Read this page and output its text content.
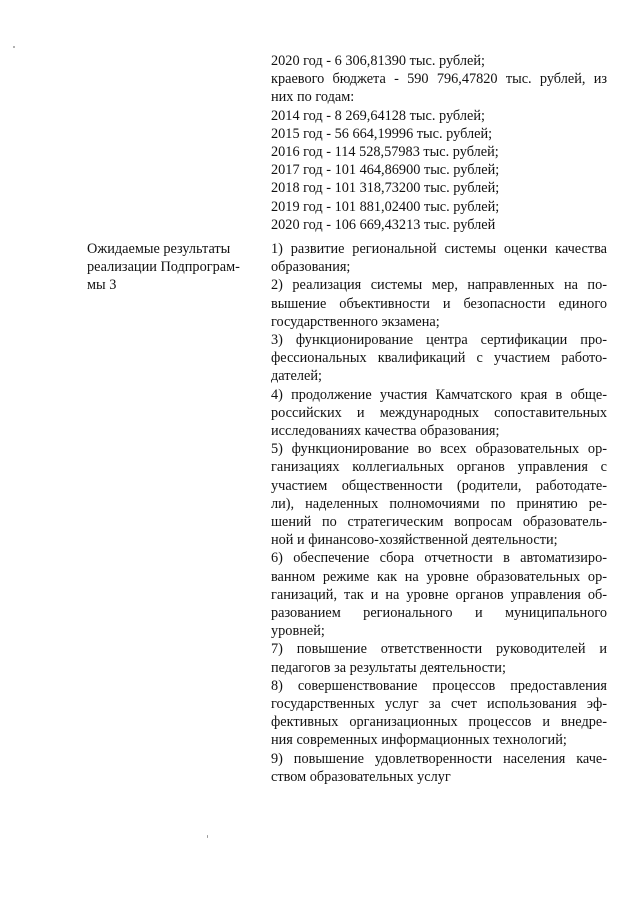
2020 год - 6 306,81390 тыс. рублей;
краевого бюджета - 590 796,47820 тыс. рублей, из
них по годам:
2014 год - 8 269,64128 тыс. рублей;
2015 год - 56 664,19996 тыс. рублей;
2016 год - 114 528,57983 тыс. рублей;
2017 год - 101 464,86900 тыс. рублей;
2018 год - 101 318,73200 тыс. рублей;
2019 год - 101 881,02400 тыс. рублей;
2020 год - 106 669,43213 тыс. рублей
Ожидаемые результаты
реализации Подпрограм-
мы 3
1) развитие региональной системы оценки качества
образования;
2) реализация системы мер, направленных на по-
вышение объективности и безопасности единого
государственного экзамена;
3) функционирование центра сертификации про-
фессиональных квалификаций с участием работо-
дателей;
4) продолжение участия Камчатского края в обще-
российских и международных сопоставительных
исследованиях качества образования;
5) функционирование во всех образовательных ор-
ганизациях коллегиальных органов управления с
участием общественности (родители, работодате-
ли), наделенных полномочиями по принятию ре-
шений по стратегическим вопросам образователь-
ной и финансово-хозяйственной деятельности;
6) обеспечение сбора отчетности в автоматизиро-
ванном режиме как на уровне образовательных ор-
ганизаций, так и на уровне органов управления об-
разованием регионального и муниципального
уровней;
7) повышение ответственности руководителей и
педагогов за результаты деятельности;
8) совершенствование процессов предоставления
государственных услуг за счет использования эф-
фективных организационных процессов и внедре-
ния современных информационных технологий;
9) повышение удовлетворенности населения каче-
ством образовательных услуг
